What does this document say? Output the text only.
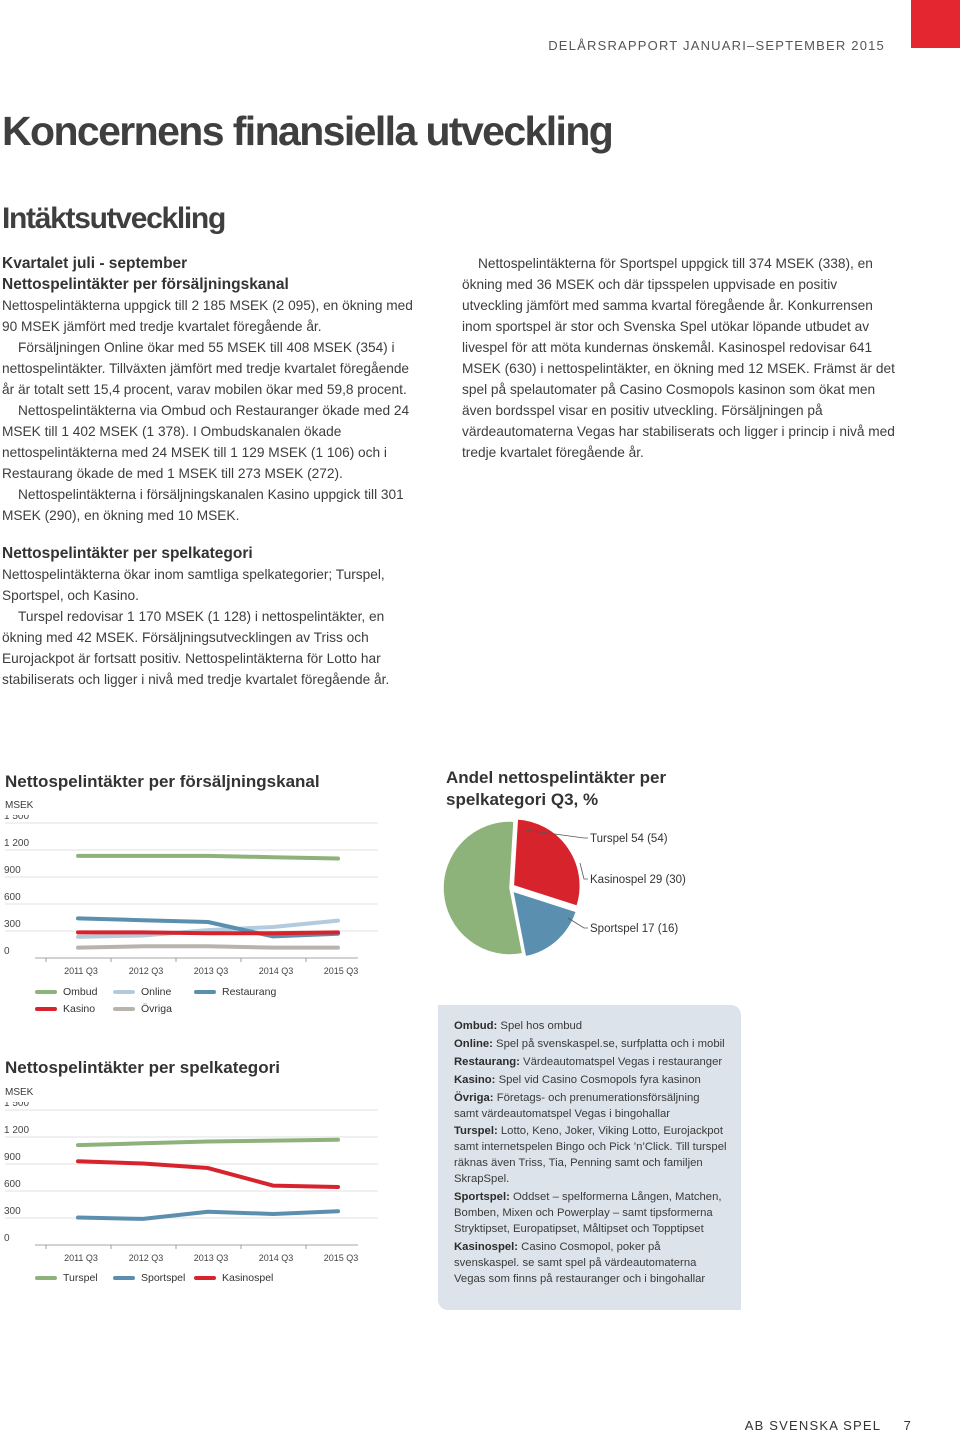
DELÅRSRAPPORT JANUARI–SEPTEMBER 2015
Koncernens finansiella utveckling
Intäktsutveckling
Kvartalet juli - september
Nettospelintäkter per försäljningskanal

Nettospelintäkterna uppgick till 2 185 MSEK (2 095), en ökning med 90 MSEK jämfört med tredje kvartalet föregående år.

Försäljningen Online ökar med 55 MSEK till 408 MSEK (354) i nettospelintäkter. Tillväxten jämfört med tredje kvartalet föregående år är totalt sett 15,4 procent, varav mobilen ökar med 59,8 procent.

Nettospelintäkterna via Ombud och Restauranger ökade med 24 MSEK till 1 402 MSEK (1 378). I Ombudskanalen ökade nettospelintäkterna med 24 MSEK till 1 129 MSEK (1 106) och i Restaurang ökade de med 1 MSEK till 273 MSEK (272).

Nettospelintäkterna i försäljningskanalen Kasino uppgick till 301 MSEK (290), en ökning med 10 MSEK.

Nettospelintäkterna för Sportspel uppgick till 374 MSEK (338), en ökning med 36 MSEK och där tipsspelen uppvisade en positiv utveckling jämfört med samma kvartal föregående år. Konkurrensen inom sportspel är stor och Svenska Spel utökar löpande utbudet av livespel för att möta kundernas önskemål. Kasinospel redovisar 641 MSEK (630) i nettospelintäkter, en ökning med 12 MSEK. Främst är det spel på spelautomater på Casino Cosmopols kasinon som ökat men även bordsspel visar en positiv utveckling. Försäljningen på värdeautomaterna Vegas har stabiliserats och ligger i princip i nivå med tredje kvartalet föregående år.

Nettospelintäkter per spelkategori

Nettospelintäkterna ökar inom samtliga spelkategorier; Turspel, Sportspel, och Kasino.

Turspel redovisar 1 170 MSEK (1 128) i nettospelintäkter, en ökning med 42 MSEK. Försäljningsutvecklingen av Triss och Eurojackpot är fortsatt positiv. Nettospelintäkterna för Lotto har stabiliserats och ligger i nivå med tredje kvartalet föregående år.

Nettospelintäkter per försäljningskanal
MSEK
0
300
600
900
1 200
1 500
2011 Q3	2012 Q3	2013 Q3	2014 Q3	2015 Q3
Ombud	Online	Restaurang
Kasino	Övriga
Andel nettospelintäkter per spelkategori Q3, %
Turspel 54 (54)
Kasinospel 29 (30)
Sportspel 17 (16)
Nettospelintäkter per spelkategori
MSEK
0
300
600
900
1 200
1 500
2011 Q3	2012 Q3	2013 Q3	2014 Q3	2015 Q3
Turspel	Sportspel	Kasinospel
Ombud: Spel hos ombud
Online: Spel på svenskaspel.se, surfplatta och i mobil
Restaurang: Värdeautomatspel Vegas i restauranger
Kasino: Spel vid Casino Cosmopols fyra kasinon
Övriga: Företags- och prenumerationsförsäljning samt värdeautomatspel Vegas i bingohallar
Turspel: Lotto, Keno, Joker, Viking Lotto, Eurojackpot samt internetspelen Bingo och Pick ’n’Click. Till turspel räknas även Triss, Tia, Penning samt och familjen SkrapSpel.
Sportspel: Oddset – spelformerna Lången, Matchen, Bomben, Mixen och Powerplay – samt tipsformerna Stryktipset, Europatipset, Måltipset och Topptipset
Kasinospel: Casino Cosmopol, poker på svenskaspel. se samt spel på värdeautomaterna Vegas som finns på restauranger och i bingohallar
AB SVENSKA SPEL 7
